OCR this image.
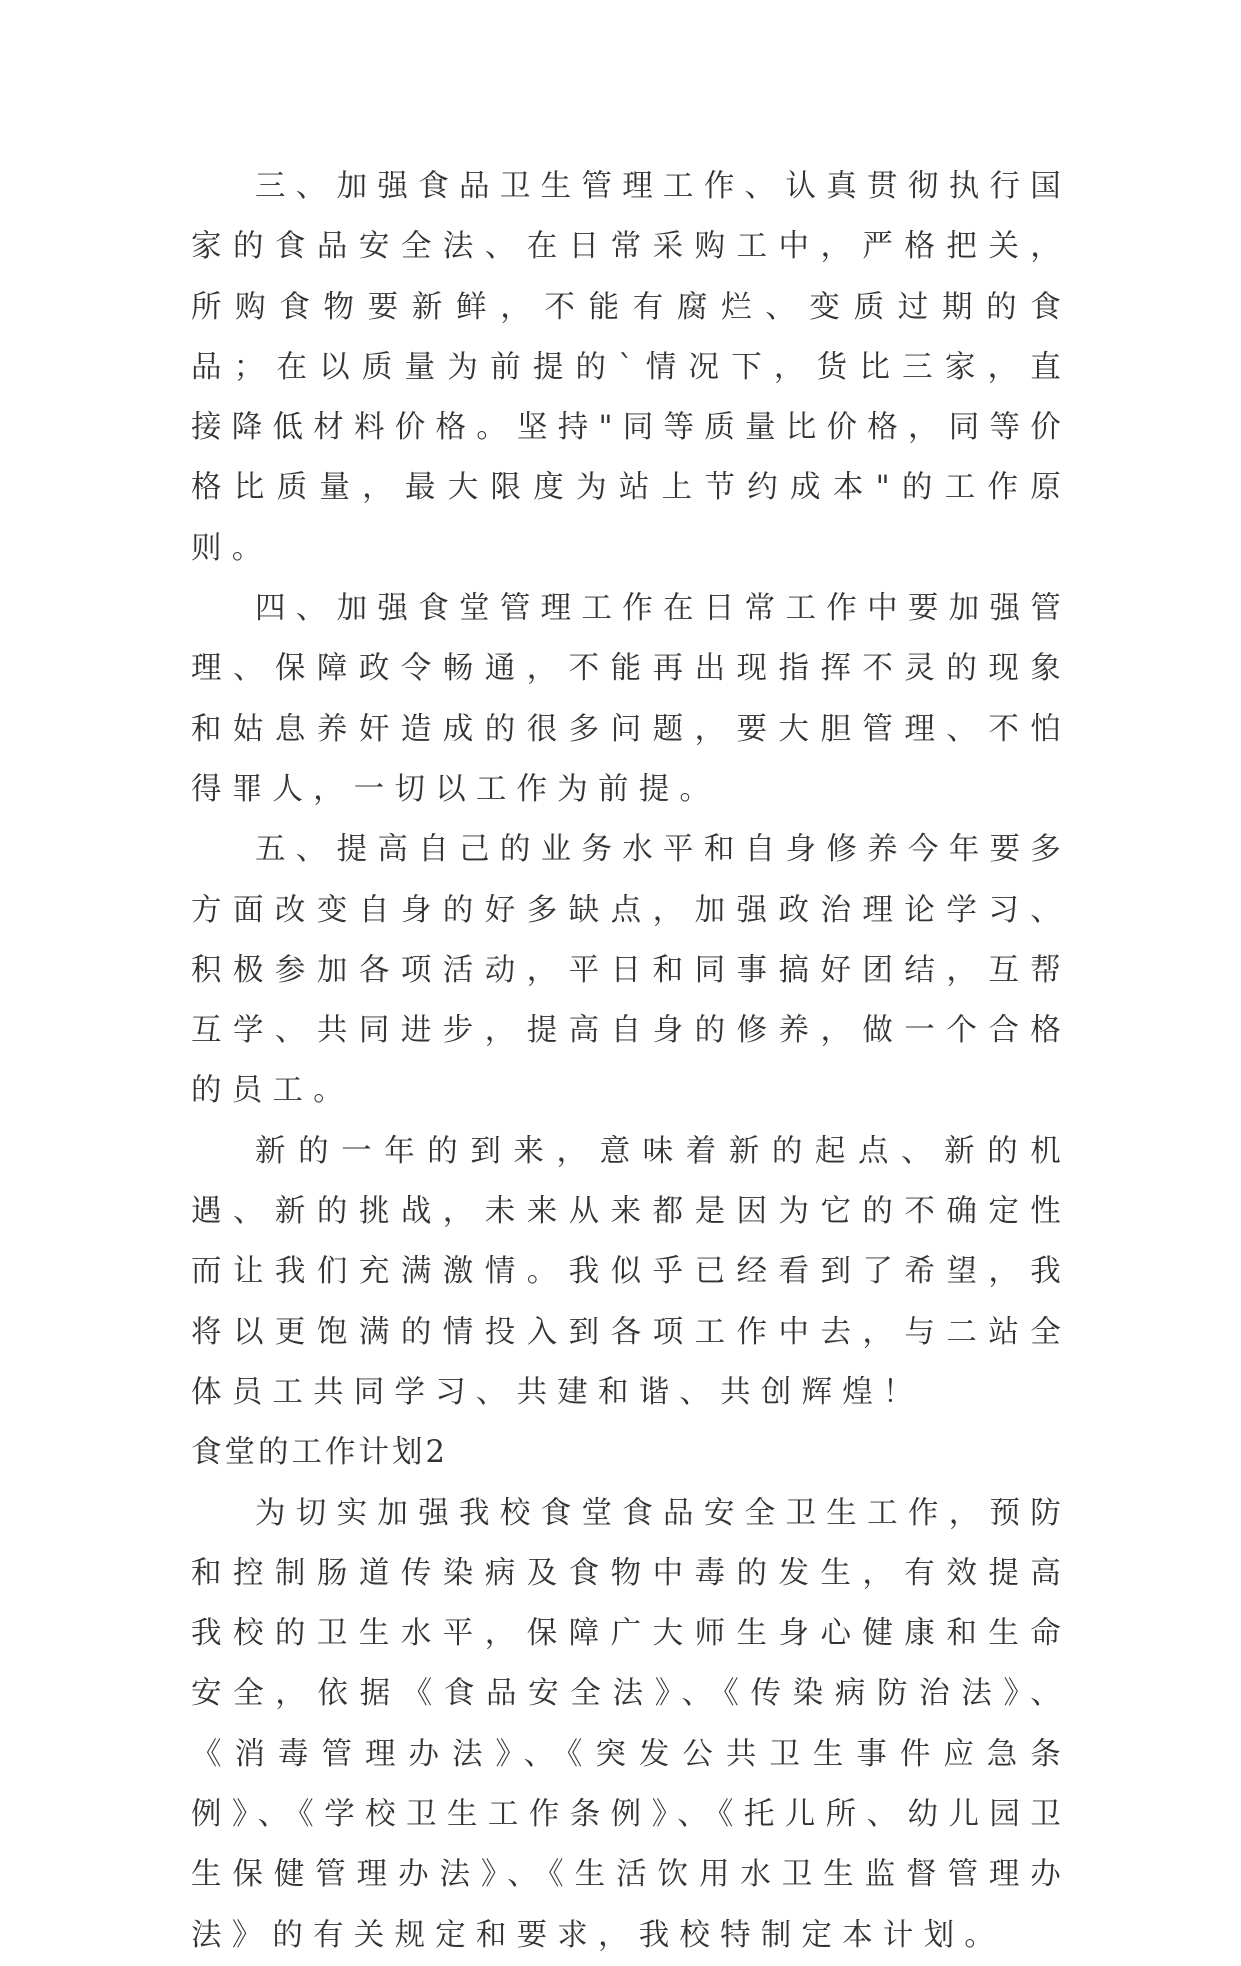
三、加强食品卫生管理工作、认真贯彻执行国家的食品安全法、在日常采购工中，严格把关，所购食物要新鲜，不能有腐烂、变质过期的食品；在以质量为前提的`情况下，货比三家，直接降低材料价格。坚持"同等质量比价格，同等价格比质量，最大限度为站上节约成本"的工作原则。

四、加强食堂管理工作在日常工作中要加强管理、保障政令畅通，不能再出现指挥不灵的现象和姑息养奸造成的很多问题，要大胆管理、不怕得罪人，一切以工作为前提。

五、提高自己的业务水平和自身修养今年要多方面改变自身的好多缺点，加强政治理论学习、积极参加各项活动，平日和同事搞好团结，互帮互学、共同进步，提高自身的修养，做一个合格的员工。

新的一年的到来，意味着新的起点、新的机遇、新的挑战，未来从来都是因为它的不确定性而让我们充满激情。我似乎已经看到了希望，我将以更饱满的情投入到各项工作中去，与二站全体员工共同学习、共建和谐、共创辉煌！

食堂的工作计划2

为切实加强我校食堂食品安全卫生工作，预防和控制肠道传染病及食物中毒的发生，有效提高我校的卫生水平，保障广大师生身心健康和生命安全，依据《食品安全法》、《传染病防治法》、《消毒管理办法》、《突发公共卫生事件应急条例》、《学校卫生工作条例》、《托儿所、幼儿园卫生保健管理办法》、《生活饮用水卫生监督管理办法》的有关规定和要求，我校特制定本计划。
